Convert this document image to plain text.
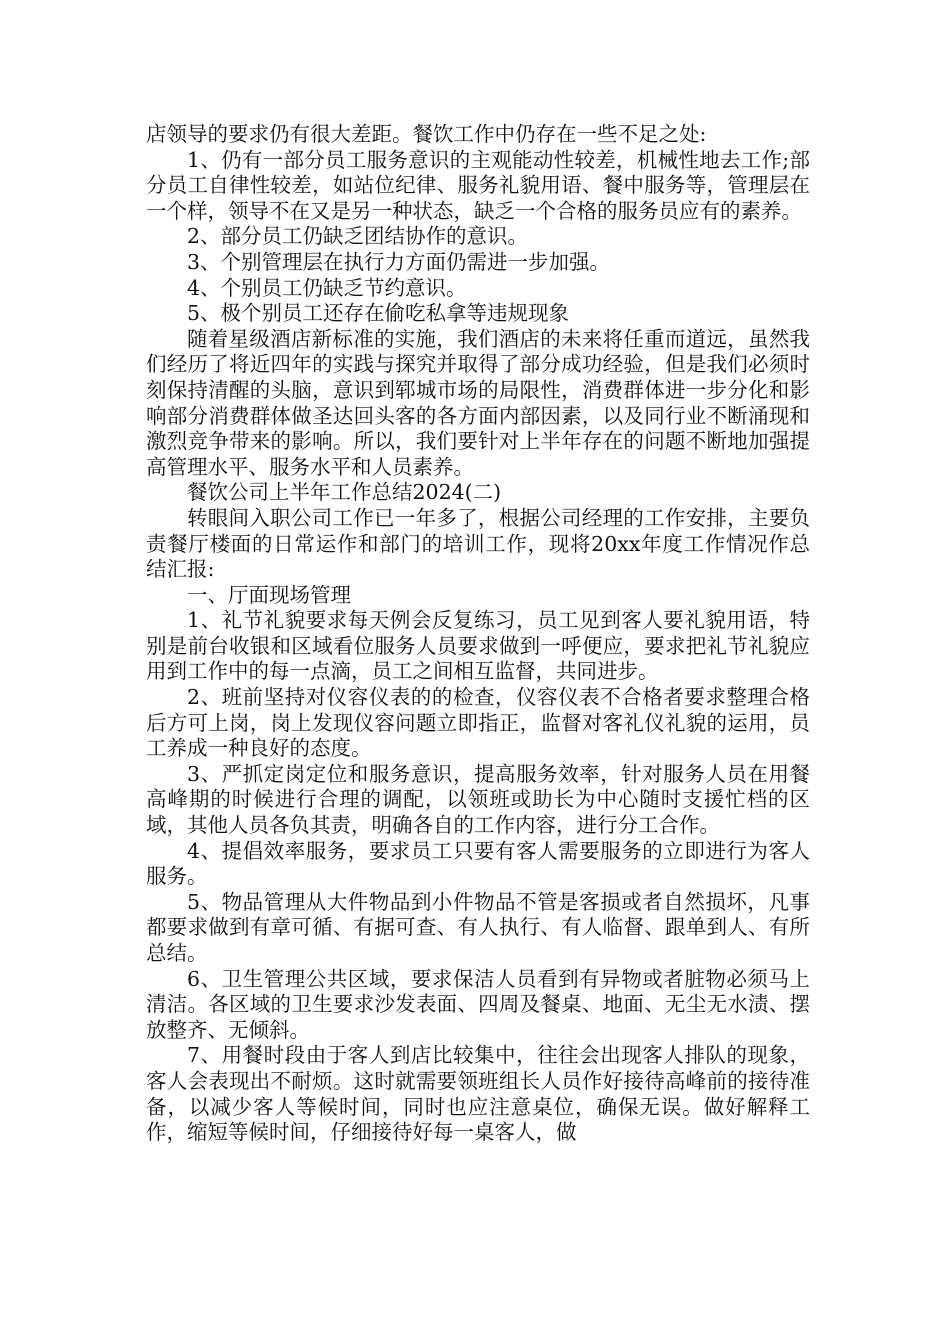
店领导的要求仍有很大差距。餐饮工作中仍存在一些不足之处:

1、仍有一部分员工服务意识的主观能动性较差，机械性地去工作;部分员工自律性较差，如站位纪律、服务礼貌用语、餐中服务等，管理层在一个样，领导不在又是另一种状态，缺乏一个合格的服务员应有的素养。

2、部分员工仍缺乏团结协作的意识。

3、个别管理层在执行力方面仍需进一步加强。

4、个别员工仍缺乏节约意识。

5、极个别员工还存在偷吃私拿等违规现象

随着星级酒店新标准的实施，我们酒店的未来将任重而道远，虽然我们经历了将近四年的实践与探究并取得了部分成功经验，但是我们必须时刻保持清醒的头脑，意识到郓城市场的局限性，消费群体进一步分化和影响部分消费群体做圣达回头客的各方面内部因素，以及同行业不断涌现和激烈竞争带来的影响。所以，我们要针对上半年存在的问题不断地加强提高管理水平、服务水平和人员素养。

餐饮公司上半年工作总结2024(二)

转眼间入职公司工作已一年多了，根据公司经理的工作安排，主要负责餐厅楼面的日常运作和部门的培训工作，现将20xx年度工作情况作总结汇报:

一、厅面现场管理

1、礼节礼貌要求每天例会反复练习，员工见到客人要礼貌用语，特别是前台收银和区域看位服务人员要求做到一呼便应，要求把礼节礼貌应用到工作中的每一点滴，员工之间相互监督，共同进步。

2、班前坚持对仪容仪表的的检查，仪容仪表不合格者要求整理合格后方可上岗，岗上发现仪容问题立即指正，监督对客礼仪礼貌的运用，员工养成一种良好的态度。

3、严抓定岗定位和服务意识，提高服务效率，针对服务人员在用餐高峰期的时候进行合理的调配，以领班或助长为中心随时支援忙档的区域，其他人员各负其责，明确各自的工作内容，进行分工合作。

4、提倡效率服务，要求员工只要有客人需要服务的立即进行为客人服务。

5、物品管理从大件物品到小件物品不管是客损或者自然损坏，凡事都要求做到有章可循、有据可查、有人执行、有人临督、跟单到人、有所总结。

6、卫生管理公共区域，要求保洁人员看到有异物或者脏物必须马上清洁。各区域的卫生要求沙发表面、四周及餐桌、地面、无尘无水渍、摆放整齐、无倾斜。

7、用餐时段由于客人到店比较集中，往往会出现客人排队的现象，客人会表现出不耐烦。这时就需要领班组长人员作好接待高峰前的接待准备，以减少客人等候时间，同时也应注意桌位，确保无误。做好解释工作，缩短等候时间，仔细接待好每一桌客人，做
